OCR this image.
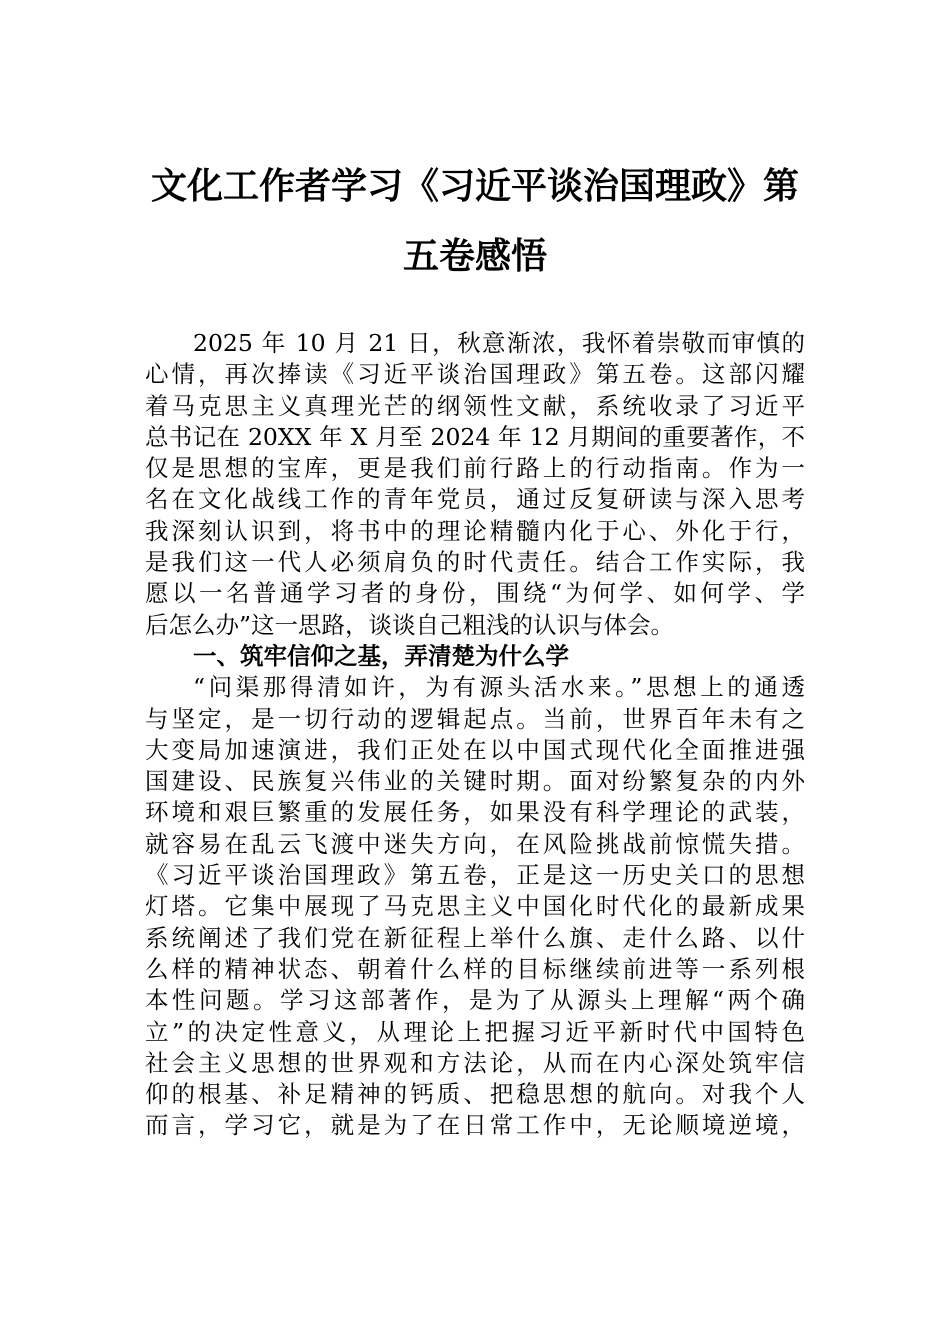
文化工作者学习《习近平谈治国理政》第
五卷感悟
2025 年 10 月 21 日，秋意渐浓，我怀着崇敬而审慎的
心情，再次捧读《习近平谈治国理政》第五卷。这部闪耀
着马克思主义真理光芒的纲领性文献，系统收录了习近平
总书记在 20XX 年 X 月至 2024 年 12 月期间的重要著作，不
仅是思想的宝库，更是我们前行路上的行动指南。作为一
名在文化战线工作的青年党员，通过反复研读与深入思考
我深刻认识到，将书中的理论精髓内化于心、外化于行，
是我们这一代人必须肩负的时代责任。结合工作实际，我
愿以一名普通学习者的身份，围绕“为何学、如何学、学
后怎么办”这一思路，谈谈自己粗浅的认识与体会。
一、筑牢信仰之基，弄清楚为什么学
“问渠那得清如许，为有源头活水来。”思想上的通透
与坚定，是一切行动的逻辑起点。当前，世界百年未有之
大变局加速演进，我们正处在以中国式现代化全面推进强
国建设、民族复兴伟业的关键时期。面对纷繁复杂的内外
环境和艰巨繁重的发展任务，如果没有科学理论的武装，
就容易在乱云飞渡中迷失方向，在风险挑战前惊慌失措。
《习近平谈治国理政》第五卷，正是这一历史关口的思想
灯塔。它集中展现了马克思主义中国化时代化的最新成果
系统阐述了我们党在新征程上举什么旗、走什么路、以什
么样的精神状态、朝着什么样的目标继续前进等一系列根
本性问题。学习这部著作，是为了从源头上理解“两个确
立”的决定性意义，从理论上把握习近平新时代中国特色
社会主义思想的世界观和方法论，从而在内心深处筑牢信
仰的根基、补足精神的钙质、把稳思想的航向。对我个人
而言，学习它，就是为了在日常工作中，无论顺境逆境，
